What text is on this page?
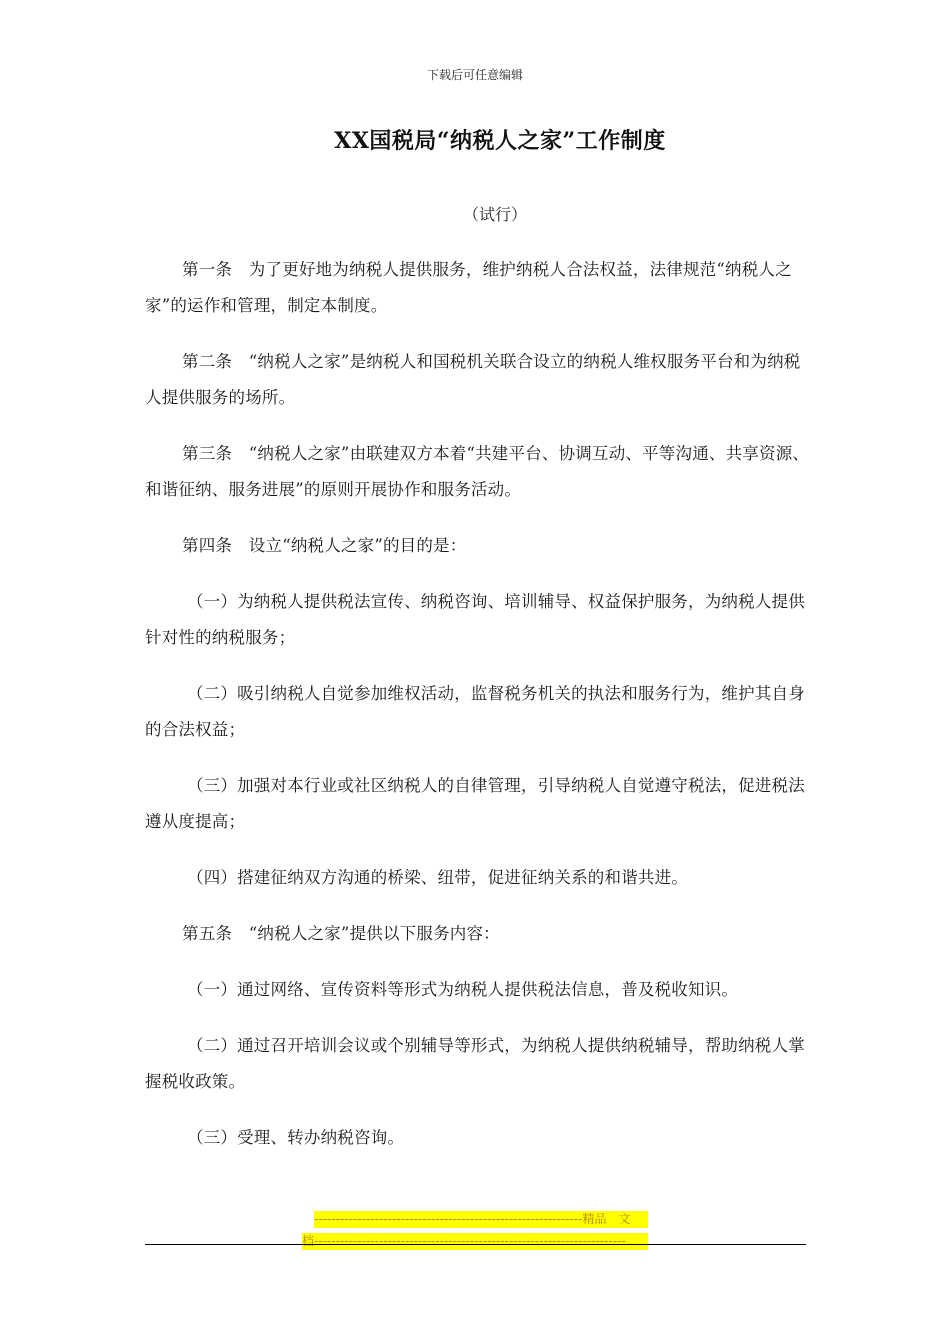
下载后可任意编辑
XX国税局“纳税人之家”工作制度
（试行）

第一条　为了更好地为纳税人提供服务，维护纳税人合法权益，法律规范“纳税人之家”的运作和管理，制定本制度。

第二条　“纳税人之家”是纳税人和国税机关联合设立的纳税人维权服务平台和为纳税人提供服务的场所。

第三条　“纳税人之家”由联建双方本着“共建平台、协调互动、平等沟通、共享资源、和谐征纳、服务进展”的原则开展协作和服务活动。

第四条　设立“纳税人之家”的目的是：

（一）为纳税人提供税法宣传、纳税咨询、培训辅导、权益保护服务，为纳税人提供针对性的纳税服务；

（二）吸引纳税人自觉参加维权活动，监督税务机关的执法和服务行为，维护其自身的合法权益；

（三）加强对本行业或社区纳税人的自律管理，引导纳税人自觉遵守税法，促进税法遵从度提高；

（四）搭建征纳双方沟通的桥梁、纽带，促进征纳关系的和谐共进。

第五条　“纳税人之家”提供以下服务内容：

（一）通过网络、宣传资料等形式为纳税人提供税法信息，普及税收知识。

（二）通过召开培训会议或个别辅导等形式，为纳税人提供纳税辅导，帮助纳税人掌握税收政策。

（三）受理、转办纳税咨询。

--------------------------------------------------------------精品　文
档------------------------------------------------------------------------
